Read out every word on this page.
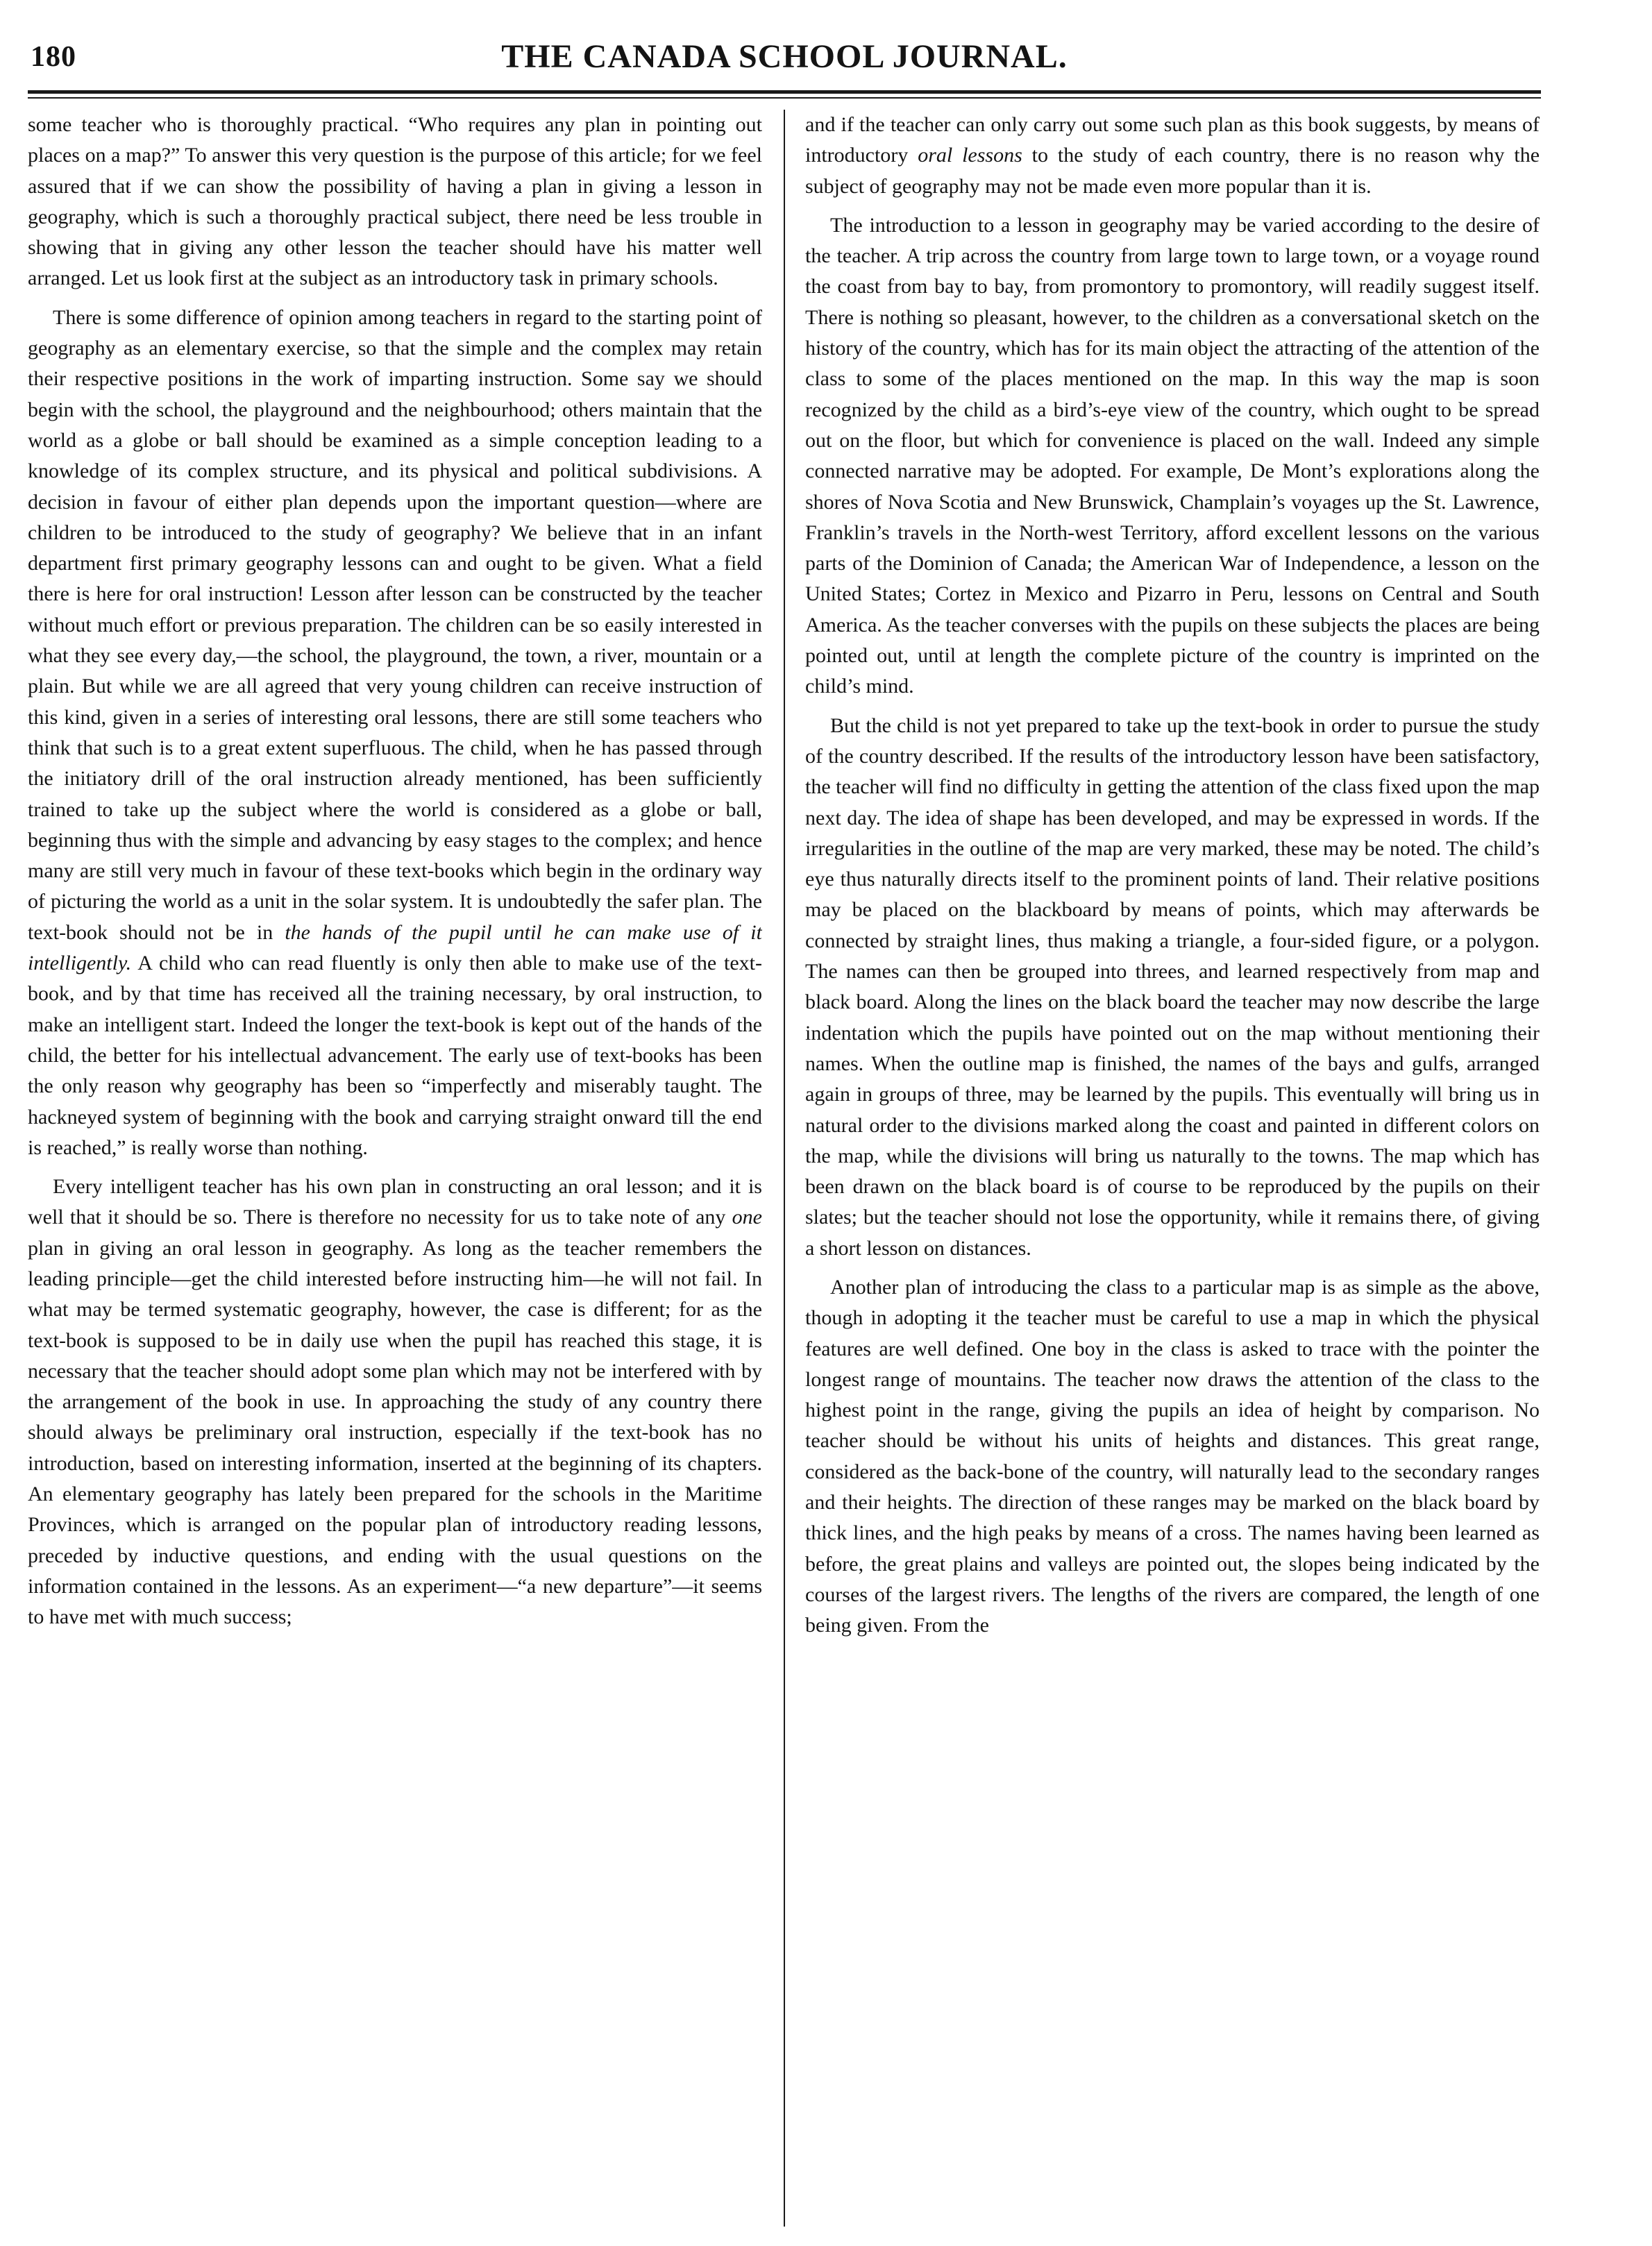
180	THE CANADA SCHOOL JOURNAL.

some teacher who is thoroughly practical. “Who requires any plan in pointing out places on a map?” To answer this very question is the purpose of this article; for we feel assured that if we can show the possibility of having a plan in giving a lesson in geography, which is such a thoroughly practical subject, there need be less trouble in showing that in giving any other lesson the teacher should have his matter well arranged. Let us look first at the subject as an introductory task in primary schools.

There is some difference of opinion among teachers in regard to the starting point of geography as an elementary exercise, so that the simple and the complex may retain their respective positions in the work of imparting instruction. Some say we should begin with the school, the playground and the neighbourhood; others maintain that the world as a globe or ball should be examined as a simple conception leading to a knowledge of its complex structure, and its physical and political subdivisions. A decision in favour of either plan depends upon the important question—where are children to be introduced to the study of geography? We believe that in an infant department first primary geography lessons can and ought to be given. What a field there is here for oral instruction! Lesson after lesson can be constructed by the teacher without much effort or previous preparation. The children can be so easily interested in what they see every day,—the school, the playground, the town, a river, mountain or a plain. But while we are all agreed that very young children can receive instruction of this kind, given in a series of interesting oral lessons, there are still some teachers who think that such is to a great extent superfluous. The child, when he has passed through the initiatory drill of the oral instruction already mentioned, has been sufficiently trained to take up the subject where the world is considered as a globe or ball, beginning thus with the simple and advancing by easy stages to the complex; and hence many are still very much in favour of these text-books which begin in the ordinary way of picturing the world as a unit in the solar system. It is undoubtedly the safer plan. The text-book should not be in the hands of the pupil until he can make use of it intelligently. A child who can read fluently is only then able to make use of the text-book, and by that time has received all the training necessary, by oral instruction, to make an intelligent start. Indeed the longer the text-book is kept out of the hands of the child, the better for his intellectual advancement. The early use of text-books has been the only reason why geography has been so “imperfectly and miserably taught. The hackneyed system of beginning with the book and carrying straight onward till the end is reached,” is really worse than nothing.

Every intelligent teacher has his own plan in constructing an oral lesson; and it is well that it should be so. There is therefore no necessity for us to take note of any one plan in giving an oral lesson in geography. As long as the teacher remembers the leading principle—get the child interested before instructing him—he will not fail. In what may be termed systematic geography, however, the case is different; for as the text-book is supposed to be in daily use when the pupil has reached this stage, it is necessary that the teacher should adopt some plan which may not be interfered with by the arrangement of the book in use. In approaching the study of any country there should always be preliminary oral instruction, especially if the text-book has no introduction, based on interesting information, inserted at the beginning of its chapters. An elementary geography has lately been prepared for the schools in the Maritime Provinces, which is arranged on the popular plan of introductory reading lessons, preceded by inductive questions, and ending with the usual questions on the information contained in the lessons. As an experiment—“a new departure”—it seems to have met with much success;

and if the teacher can only carry out some such plan as this book suggests, by means of introductory oral lessons to the study of each country, there is no reason why the subject of geography may not be made even more popular than it is.

The introduction to a lesson in geography may be varied according to the desire of the teacher. A trip across the country from large town to large town, or a voyage round the coast from bay to bay, from promontory to promontory, will readily suggest itself. There is nothing so pleasant, however, to the children as a conversational sketch on the history of the country, which has for its main object the attracting of the attention of the class to some of the places mentioned on the map. In this way the map is soon recognized by the child as a bird’s-eye view of the country, which ought to be spread out on the floor, but which for convenience is placed on the wall. Indeed any simple connected narrative may be adopted. For example, De Mont’s explorations along the shores of Nova Scotia and New Brunswick, Champlain’s voyages up the St. Lawrence, Franklin’s travels in the North-west Territory, afford excellent lessons on the various parts of the Dominion of Canada; the American War of Independence, a lesson on the United States; Cortez in Mexico and Pizarro in Peru, lessons on Central and South America. As the teacher converses with the pupils on these subjects the places are being pointed out, until at length the complete picture of the country is imprinted on the child’s mind.

But the child is not yet prepared to take up the text-book in order to pursue the study of the country described. If the results of the introductory lesson have been satisfactory, the teacher will find no difficulty in getting the attention of the class fixed upon the map next day. The idea of shape has been developed, and may be expressed in words. If the irregularities in the outline of the map are very marked, these may be noted. The child’s eye thus naturally directs itself to the prominent points of land. Their relative positions may be placed on the blackboard by means of points, which may afterwards be connected by straight lines, thus making a triangle, a four-sided figure, or a polygon. The names can then be grouped into threes, and learned respectively from map and black board. Along the lines on the black board the teacher may now describe the large indentation which the pupils have pointed out on the map without mentioning their names. When the outline map is finished, the names of the bays and gulfs, arranged again in groups of three, may be learned by the pupils. This eventually will bring us in natural order to the divisions marked along the coast and painted in different colors on the map, while the divisions will bring us naturally to the towns. The map which has been drawn on the black board is of course to be reproduced by the pupils on their slates; but the teacher should not lose the opportunity, while it remains there, of giving a short lesson on distances.

Another plan of introducing the class to a particular map is as simple as the above, though in adopting it the teacher must be careful to use a map in which the physical features are well defined. One boy in the class is asked to trace with the pointer the longest range of mountains. The teacher now draws the attention of the class to the highest point in the range, giving the pupils an idea of height by comparison. No teacher should be without his units of heights and distances. This great range, considered as the back-bone of the country, will naturally lead to the secondary ranges and their heights. The direction of these ranges may be marked on the black board by thick lines, and the high peaks by means of a cross. The names having been learned as before, the great plains and valleys are pointed out, the slopes being indicated by the courses of the largest rivers. The lengths of the rivers are compared, the length of one being given. From the
